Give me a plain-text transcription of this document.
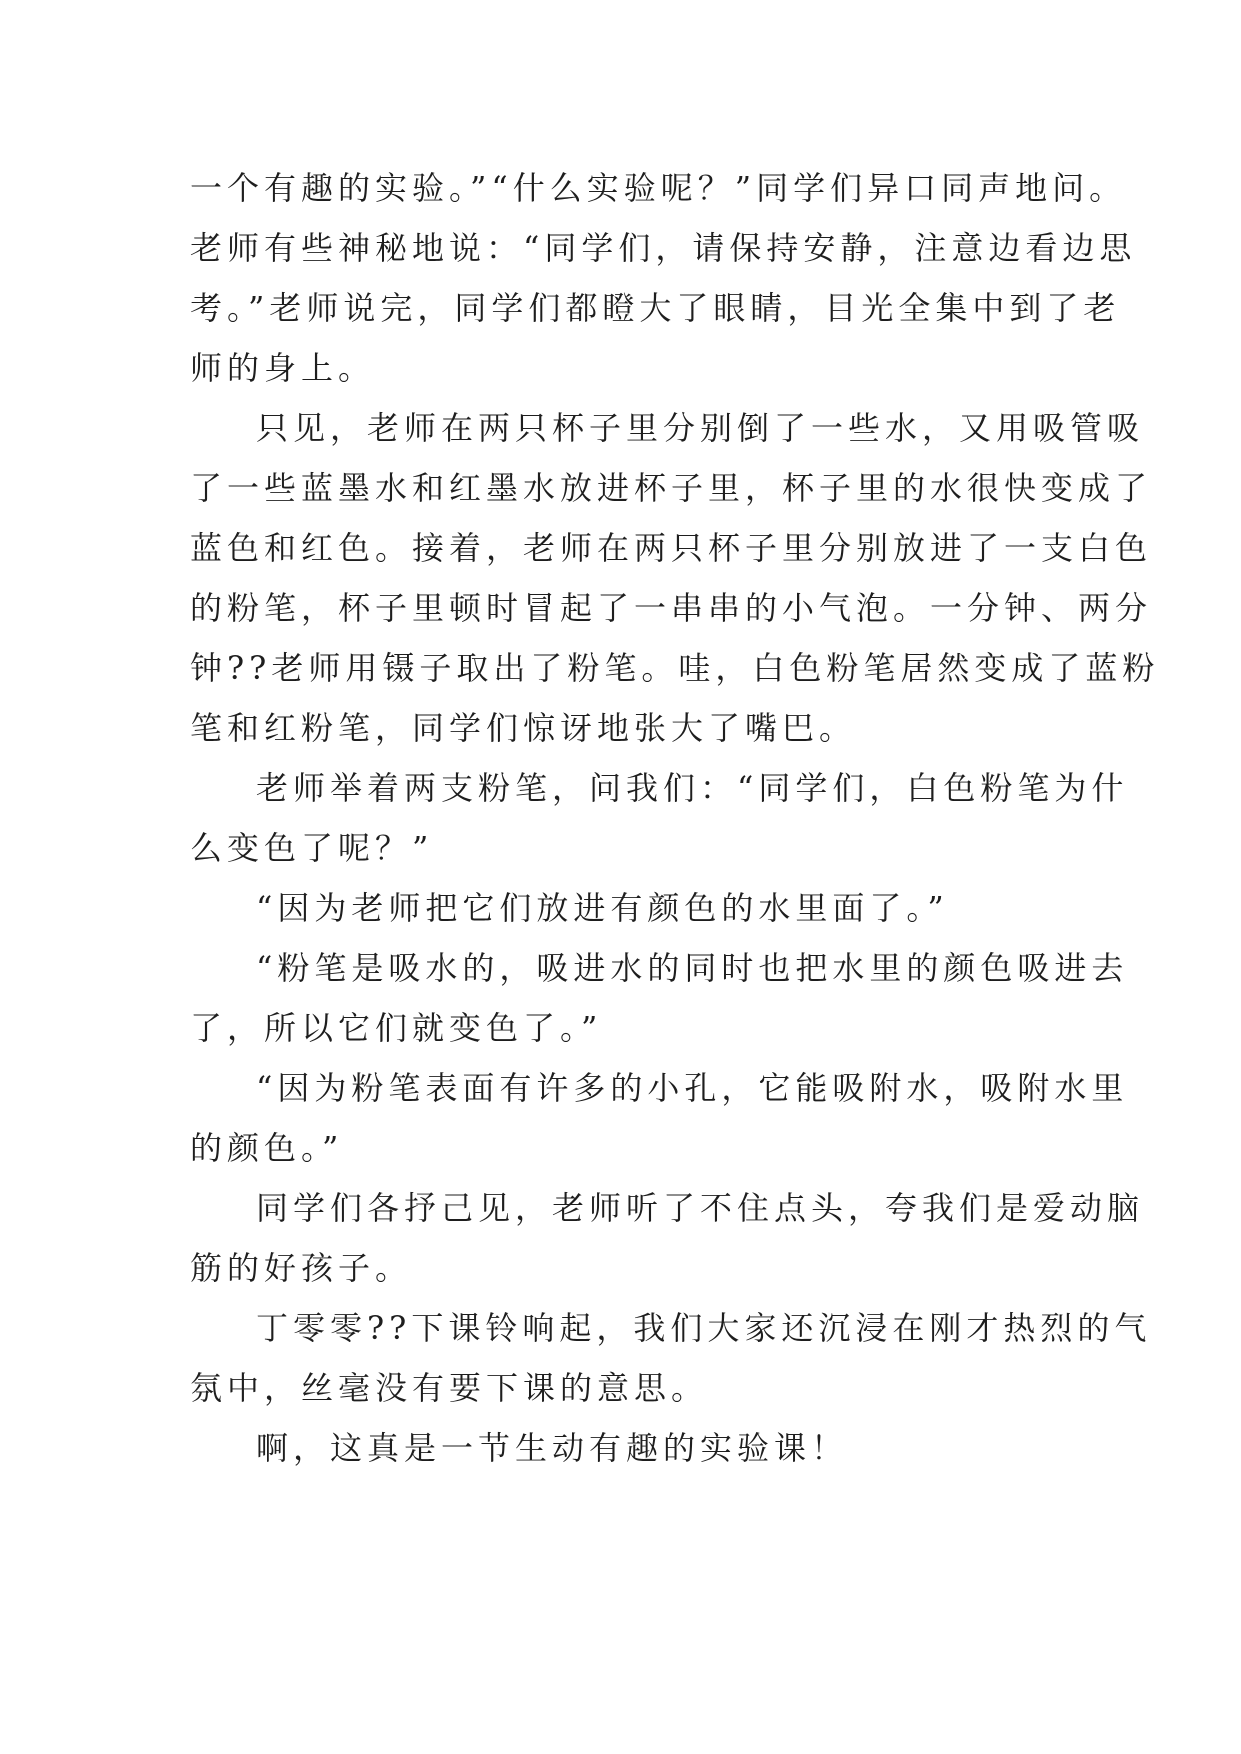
一个有趣的实验。”“什么实验呢？”同学们异口同声地问。
老师有些神秘地说：“同学们，请保持安静，注意边看边思
考。”老师说完，同学们都瞪大了眼睛，目光全集中到了老
师的身上。
只见，老师在两只杯子里分别倒了一些水，又用吸管吸
了一些蓝墨水和红墨水放进杯子里，杯子里的水很快变成了
蓝色和红色。接着，老师在两只杯子里分别放进了一支白色
的粉笔，杯子里顿时冒起了一串串的小气泡。一分钟、两分
钟??老师用镊子取出了粉笔。哇，白色粉笔居然变成了蓝粉
笔和红粉笔，同学们惊讶地张大了嘴巴。
老师举着两支粉笔，问我们：“同学们，白色粉笔为什
么变色了呢？”
“因为老师把它们放进有颜色的水里面了。”
“粉笔是吸水的，吸进水的同时也把水里的颜色吸进去
了，所以它们就变色了。”
“因为粉笔表面有许多的小孔，它能吸附水，吸附水里
的颜色。”
同学们各抒己见，老师听了不住点头，夸我们是爱动脑
筋的好孩子。
丁零零??下课铃响起，我们大家还沉浸在刚才热烈的气
氛中，丝毫没有要下课的意思。
啊，这真是一节生动有趣的实验课！
